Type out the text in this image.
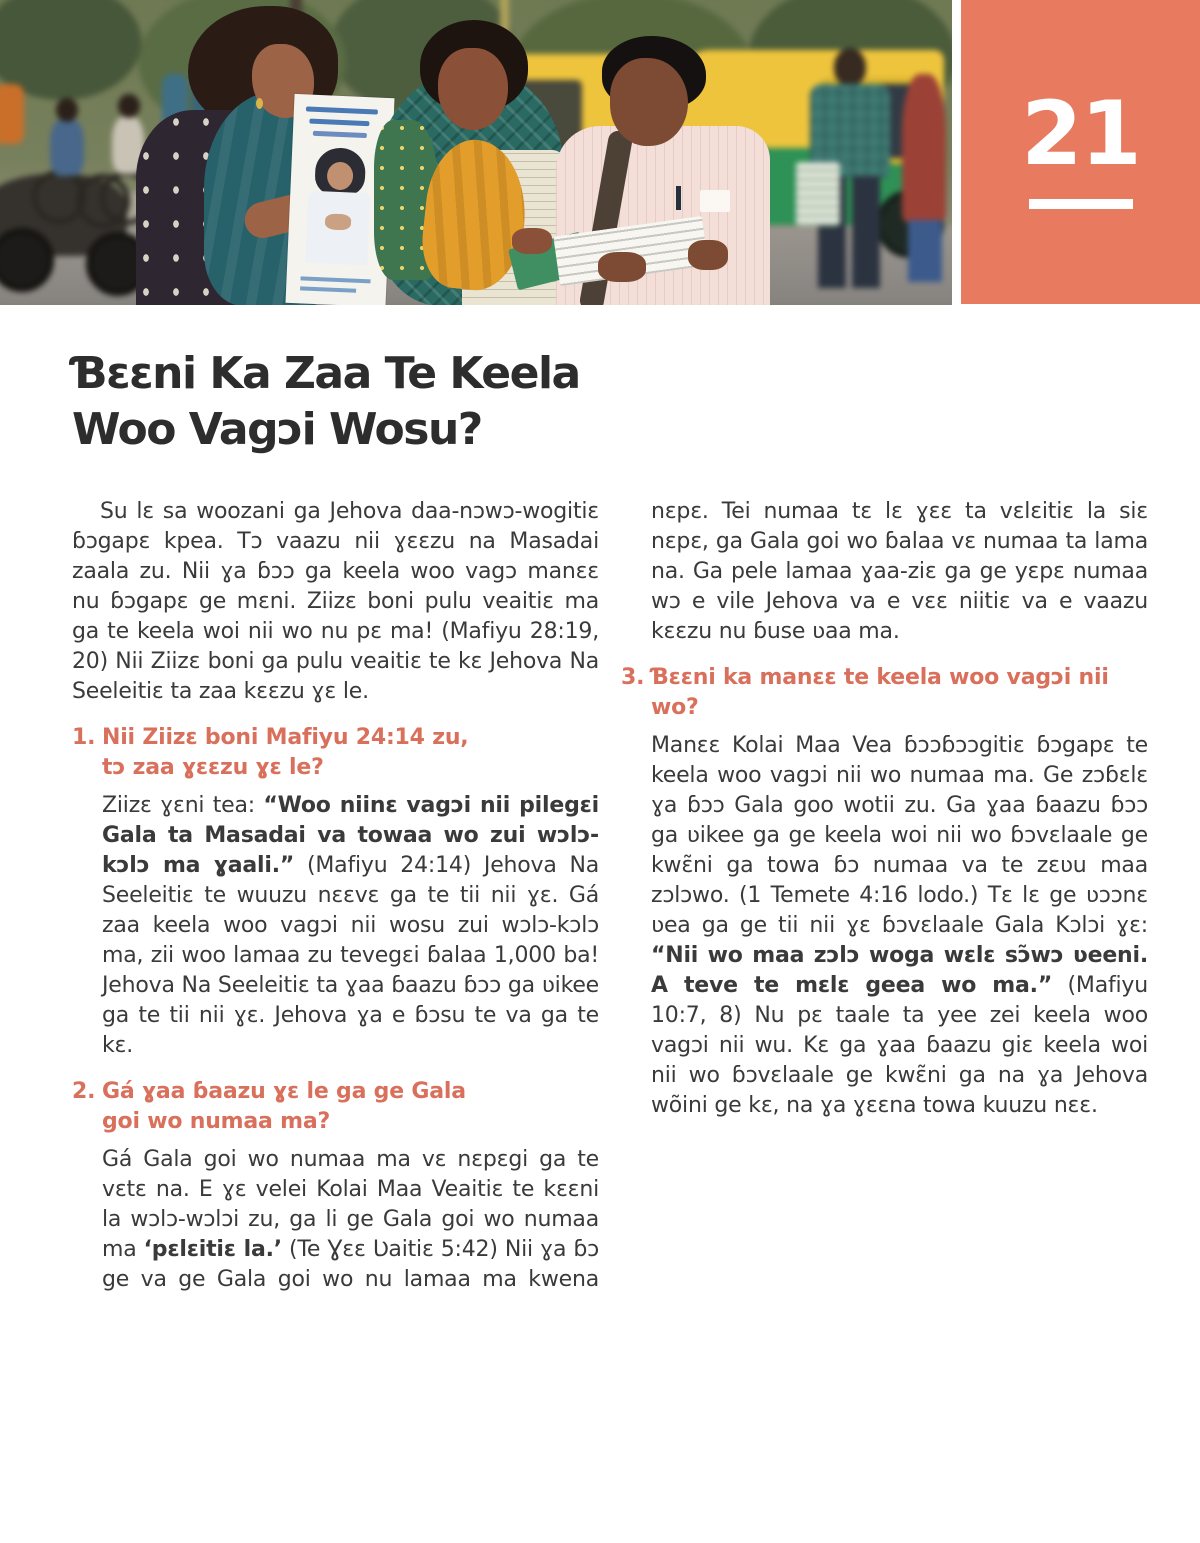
21
Ɓɛɛni Ka Zaa Te Keela
Woo Vagɔi Wosu?

Su lɛ sa woozani ga Jehova daa-nɔwɔ-wogitiɛ ɓɔgapɛ kpea. Tɔ vaazu nii ɣɛɛzu na Masadai zaala zu. Nii ɣa ɓɔɔ ga keela woo vagɔ manɛɛ nu ɓɔgapɛ ge mɛni. Ziizɛ boni pulu veaitiɛ ma ga te keela woi nii wo nu pɛ ma! (Mafiyu 28:19, 20) Nii Ziizɛ boni ga pulu veaitiɛ te kɛ Jehova Na Seeleitiɛ ta zaa kɛɛzu ɣɛ le.

1. Nii Ziizɛ boni Mafiyu 24:14 zu,
tɔ zaa ɣɛɛzu ɣɛ le?

Ziizɛ ɣɛni tea: “Woo niinɛ vagɔi nii pilegɛi Gala ta Masadai va towaa wo zui wɔlɔ-kɔlɔ ma ɣaali.” (Mafiyu 24:14) Jehova Na Seeleitiɛ te wuuzu nɛɛvɛ ga te tii nii ɣɛ. Gá zaa keela woo vagɔi nii wosu zui wɔlɔ-kɔlɔ ma, zii woo lamaa zu tevegɛi ɓalaa 1,000 ba! Jehova Na Seeleitiɛ ta ɣaa ɓaazu ɓɔɔ ga ʋikee ga te tii nii ɣɛ. Jehova ɣa e ɓɔsu te va ga te kɛ.

2. Gá ɣaa ɓaazu ɣɛ le ga ge Gala
goi wo numaa ma?

Gá Gala goi wo numaa ma vɛ nɛpɛgi ga te vɛtɛ na. E ɣɛ velei Kolai Maa Veaitiɛ te kɛɛni la wɔlɔ-wɔlɔi zu, ga li ge Gala goi wo numaa ma ‘pɛlɛitiɛ la.’ (Te Ɣɛɛ Ʋaitiɛ 5:42) Nii ɣa ɓɔ ge va ge Gala goi wo nu lamaa ma kwena nɛpɛ. Tei numaa tɛ lɛ ɣɛɛ ta vɛlɛitiɛ la siɛ nɛpɛ, ga Gala goi wo ɓalaa vɛ numaa ta lama na. Ga pele lamaa ɣaa-ziɛ ga ge yɛpɛ numaa wɔ e vile Jehova va e vɛɛ niitiɛ va e vaazu kɛɛzu nu ɓuse ʋaa ma.

3. Ɓɛɛni ka manɛɛ te keela woo vagɔi nii wo?

Manɛɛ Kolai Maa Vea ɓɔɔɓɔɔgitiɛ ɓɔgapɛ te keela woo vagɔi nii wo numaa ma. Ge zɔɓɛlɛ ɣa ɓɔɔ Gala goo wotii zu. Ga ɣaa ɓaazu ɓɔɔ ga ʋikee ga ge keela woi nii wo ɓɔvɛlaale ge kwɛ̃ni ga towa ɓɔ numaa va te zɛʋu maa zɔlɔwo. (1 Temete 4:16 lodo.) Tɛ lɛ ge ʋɔɔnɛ ʋea ga ge tii nii ɣɛ ɓɔvɛlaale Gala Kɔlɔi ɣɛ: “Nii wo maa zɔlɔ woga wɛlɛ sɔ̃wɔ ʋeeni. A teve te mɛlɛ geea wo ma.” (Mafiyu 10:7, 8) Nu pɛ taale ta yee zei keela woo vagɔi nii wu. Kɛ ga ɣaa ɓaazu giɛ keela woi nii wo ɓɔvɛlaale ge kwɛ̃ni ga na ɣa Jehova wõini ge kɛ, na ɣa ɣɛɛna towa kuuzu nɛɛ.
